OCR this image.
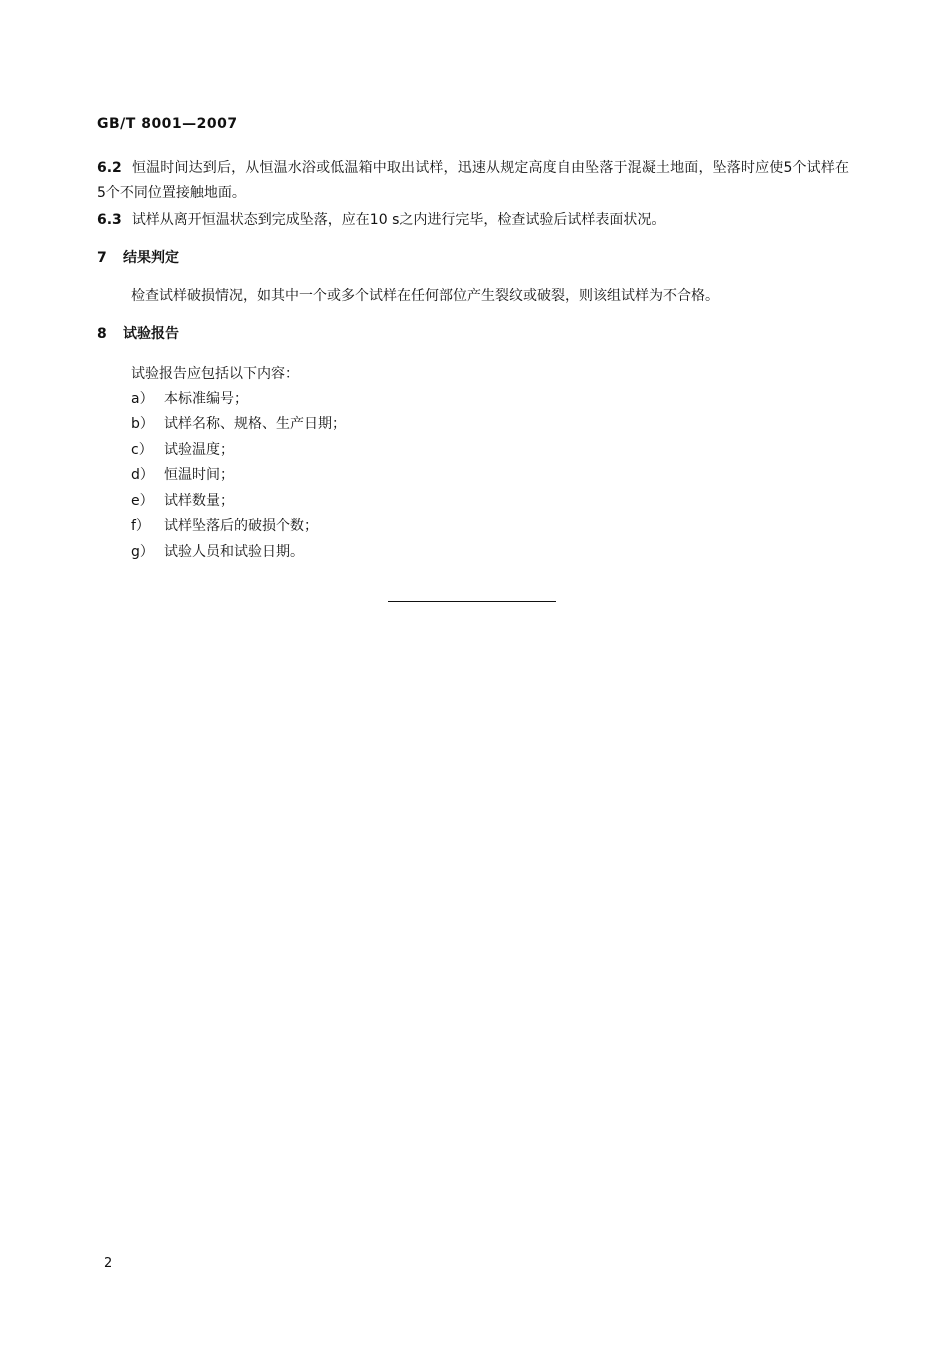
GB/T 8001—2007
6.2 恒温时间达到后，从恒温水浴或低温箱中取出试样，迅速从规定高度自由坠落于混凝土地面，坠落时应使5个试样在5个不同位置接触地面。
6.3 试样从离开恒温状态到完成坠落，应在10 s之内进行完毕，检查试验后试样表面状况。
7 结果判定
检查试样破损情况，如其中一个或多个试样在任何部位产生裂纹或破裂，则该组试样为不合格。
8 试验报告
试验报告应包括以下内容：
a） 本标准编号；
b） 试样名称、规格、生产日期；
c） 试验温度；
d） 恒温时间；
e） 试样数量；
f） 试样坠落后的破损个数；
g） 试验人员和试验日期。
2
